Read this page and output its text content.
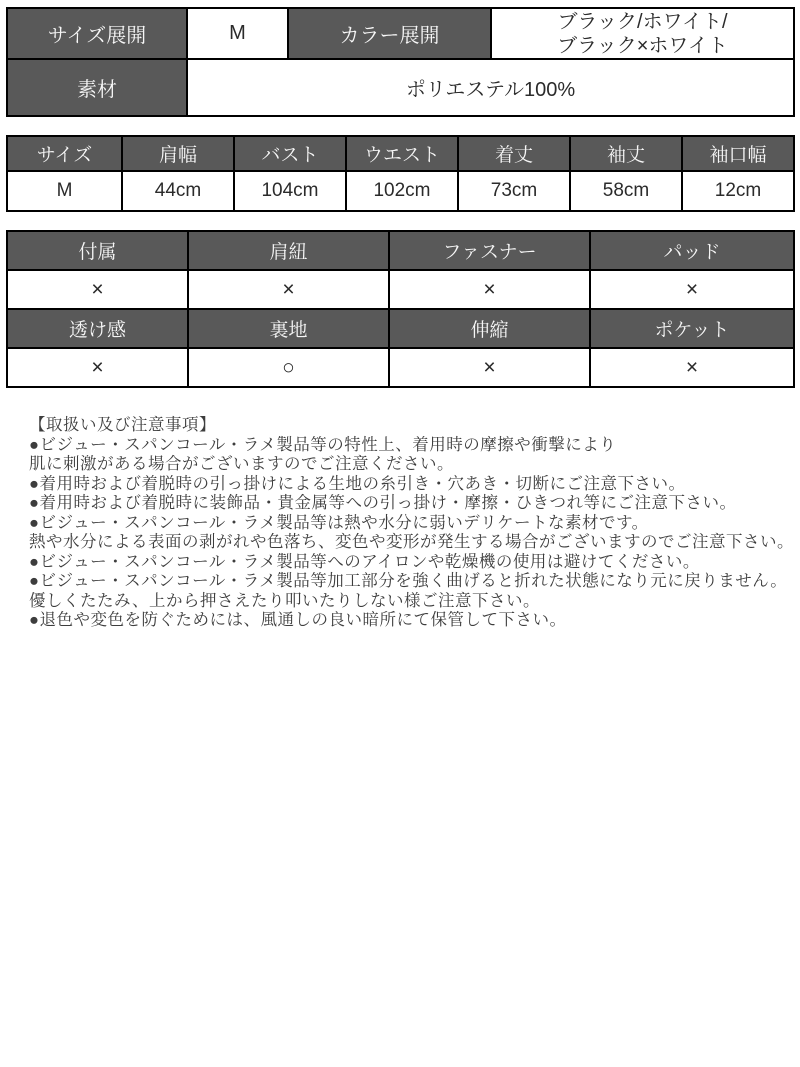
サイズ展開	M	カラー展開	ブラック/ホワイト/
ブラック×ホワイト

素材	ポリエステル100%		
サイズ	肩幅	バスト	ウエスト	着丈	袖丈	袖口幅
M	44cm	104cm	102cm	73cm	58cm	12cm
付属	肩紐	ファスナー	パッド
×	×	×	×
透け感	裏地	伸縮	ポケット
×	○	×	×
【取扱い及び注意事項】
●ビジュー・スパンコール・ラメ製品等の特性上、着用時の摩擦や衝撃により
肌に刺激がある場合がございますのでご注意ください。
●着用時および着脱時の引っ掛けによる生地の糸引き・穴あき・切断にご注意下さい。
●着用時および着脱時に装飾品・貴金属等への引っ掛け・摩擦・ひきつれ等にご注意下さい。
●ビジュー・スパンコール・ラメ製品等は熱や水分に弱いデリケートな素材です。
熱や水分による表面の剥がれや色落ち、変色や変形が発生する場合がございますのでご注意下さい。
●ビジュー・スパンコール・ラメ製品等へのアイロンや乾燥機の使用は避けてください。
●ビジュー・スパンコール・ラメ製品等加工部分を強く曲げると折れた状態になり元に戻りません。
優しくたたみ、上から押さえたり叩いたりしない様ご注意下さい。
●退色や変色を防ぐためには、風通しの良い暗所にて保管して下さい。
